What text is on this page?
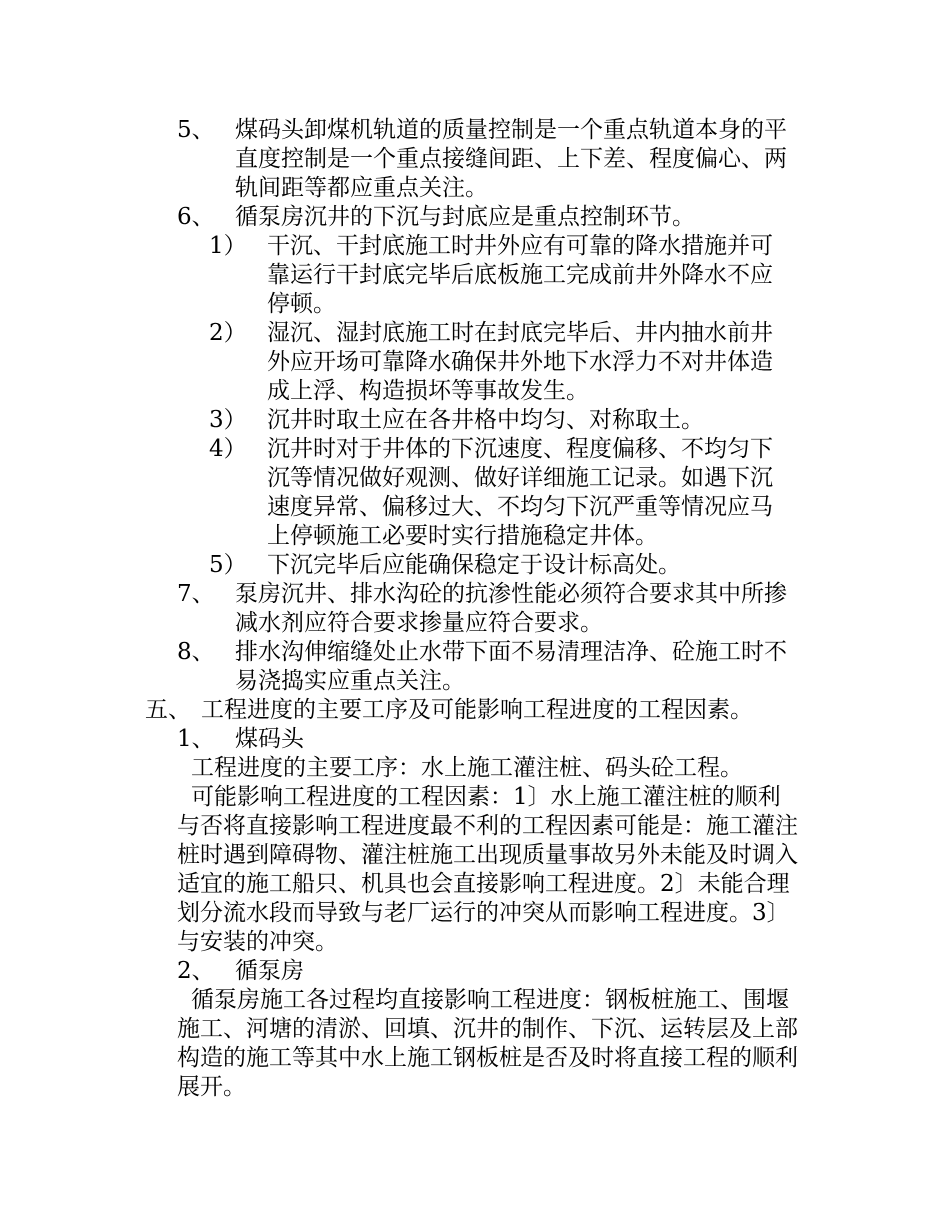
5、 煤码头卸煤机轨道的质量控制是一个重点轨道本身的平直度控制是一个重点接缝间距、上下差、程度偏心、两轨间距等都应重点关注。
6、 循泵房沉井的下沉与封底应是重点控制环节。
1） 干沉、干封底施工时井外应有可靠的降水措施并可靠运行干封底完毕后底板施工完成前井外降水不应停顿。
2） 湿沉、湿封底施工时在封底完毕后、井内抽水前井外应开场可靠降水确保井外地下水浮力不对井体造成上浮、构造损坏等事故发生。
3） 沉井时取土应在各井格中均匀、对称取土。
4） 沉井时对于井体的下沉速度、程度偏移、不均匀下沉等情况做好观测、做好详细施工记录。如遇下沉速度异常、偏移过大、不均匀下沉严重等情况应马上停顿施工必要时实行措施稳定井体。
5） 下沉完毕后应能确保稳定于设计标高处。
7、 泵房沉井、排水沟砼的抗渗性能必须符合要求其中所掺减水剂应符合要求掺量应符合要求。
8、 排水沟伸缩缝处止水带下面不易清理洁净、砼施工时不易浇捣实应重点关注。
五、 工程进度的主要工序及可能影响工程进度的工程因素。
1、 煤码头
工程进度的主要工序：水上施工灌注桩、码头砼工程。
可能影响工程进度的工程因素：1〕水上施工灌注桩的顺利与否将直接影响工程进度最不利的工程因素可能是：施工灌注桩时遇到障碍物、灌注桩施工出现质量事故另外未能及时调入适宜的施工船只、机具也会直接影响工程进度。2〕未能合理划分流水段而导致与老厂运行的冲突从而影响工程进度。3〕与安装的冲突。
2、 循泵房
循泵房施工各过程均直接影响工程进度：钢板桩施工、围堰施工、河塘的清淤、回填、沉井的制作、下沉、运转层及上部构造的施工等其中水上施工钢板桩是否及时将直接工程的顺利展开。
